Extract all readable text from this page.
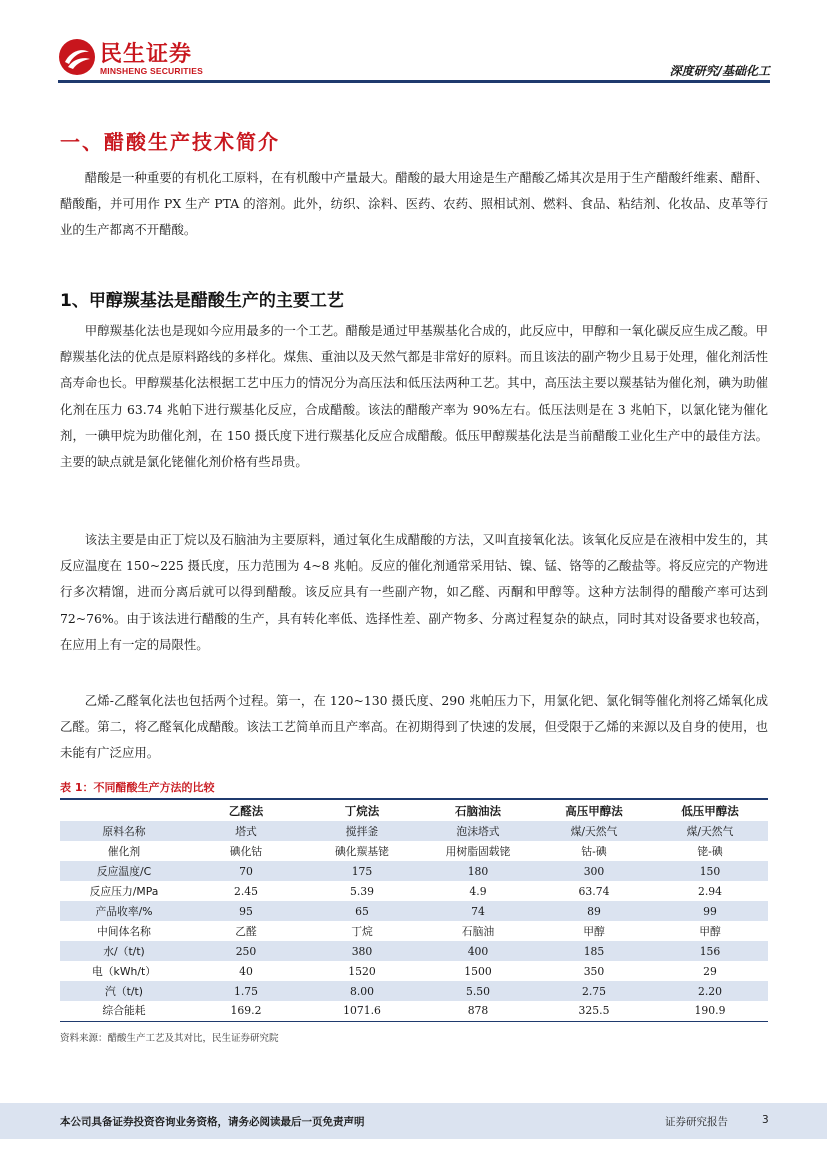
民生证券
MINSHENG SECURITIES	深度研究/基础化工
一、醋酸生产技术简介

醋酸是一种重要的有机化工原料，在有机酸中产量最大。醋酸的最大用途是生产醋酸乙烯其次是用于生产醋酸纤维素、醋酐、醋酸酯，并可用作 PX 生产 PTA 的溶剂。此外，纺织、涂料、医药、农药、照相试剂、燃料、食品、粘结剂、化妆品、皮革等行业的生产都离不开醋酸。

1、甲醇羰基法是醋酸生产的主要工艺

甲醇羰基化法也是现如今应用最多的一个工艺。醋酸是通过甲基羰基化合成的，此反应中，甲醇和一氧化碳反应生成乙酸。甲醇羰基化法的优点是原料路线的多样化。煤焦、重油以及天然气都是非常好的原料。而且该法的副产物少且易于处理，催化剂活性高寿命也长。甲醇羰基化法根据工艺中压力的情况分为高压法和低压法两种工艺。其中，高压法主要以羰基钴为催化剂，碘为助催化剂在压力 63.74 兆帕下进行羰基化反应，合成醋酸。该法的醋酸产率为 90%左右。低压法则是在 3 兆帕下，以氯化铑为催化剂，一碘甲烷为助催化剂，在 150 摄氏度下进行羰基化反应合成醋酸。低压甲醇羰基化法是当前醋酸工业化生产中的最佳方法。主要的缺点就是氯化铑催化剂价格有些昂贵。

该法主要是由正丁烷以及石脑油为主要原料，通过氧化生成醋酸的方法，又叫直接氧化法。该氧化反应是在液相中发生的，其反应温度在 150~225 摄氏度，压力范围为 4~8 兆帕。反应的催化剂通常采用钴、镍、锰、铬等的乙酸盐等。将反应完的产物进行多次精馏，进而分离后就可以得到醋酸。该反应具有一些副产物，如乙醛、丙酮和甲醇等。这种方法制得的醋酸产率可达到 72~76%。由于该法进行醋酸的生产，具有转化率低、选择性差、副产物多、分离过程复杂的缺点，同时其对设备要求也较高，在应用上有一定的局限性。

乙烯-乙醛氧化法也包括两个过程。第一，在 120~130 摄氏度、290 兆帕压力下，用氯化钯、氯化铜等催化剂将乙烯氧化成乙醛。第二，将乙醛氧化成醋酸。该法工艺简单而且产率高。在初期得到了快速的发展，但受限于乙烯的来源以及自身的使用，也未能有广泛应用。

表 1：不同醋酸生产方法的比较
	乙醛法	丁烷法	石脑油法	高压甲醇法	低压甲醇法
原料名称	塔式	搅拌釜	泡沫塔式	煤/天然气	煤/天然气
催化剂	碘化钴	碘化羰基铑	用树脂固载铑	钴-碘	铑-碘
反应温度/C	70	175	180	300	150
反应压力/MPa	2.45	5.39	4.9	63.74	2.94
产品收率/%	95	65	74	89	99
中间体名称	乙醛	丁烷	石脑油	甲醇	甲醇
水/（t/t)	250	380	400	185	156
电（kWh/t）	40	1520	1500	350	29
汽（t/t)	1.75	8.00	5.50	2.75	2.20
综合能耗	169.2	1071.6	878	325.5	190.9
资料来源：醋酸生产工艺及其对比，民生证券研究院
本公司具备证券投资咨询业务资格，请务必阅读最后一页免责声明	证券研究报告	3
